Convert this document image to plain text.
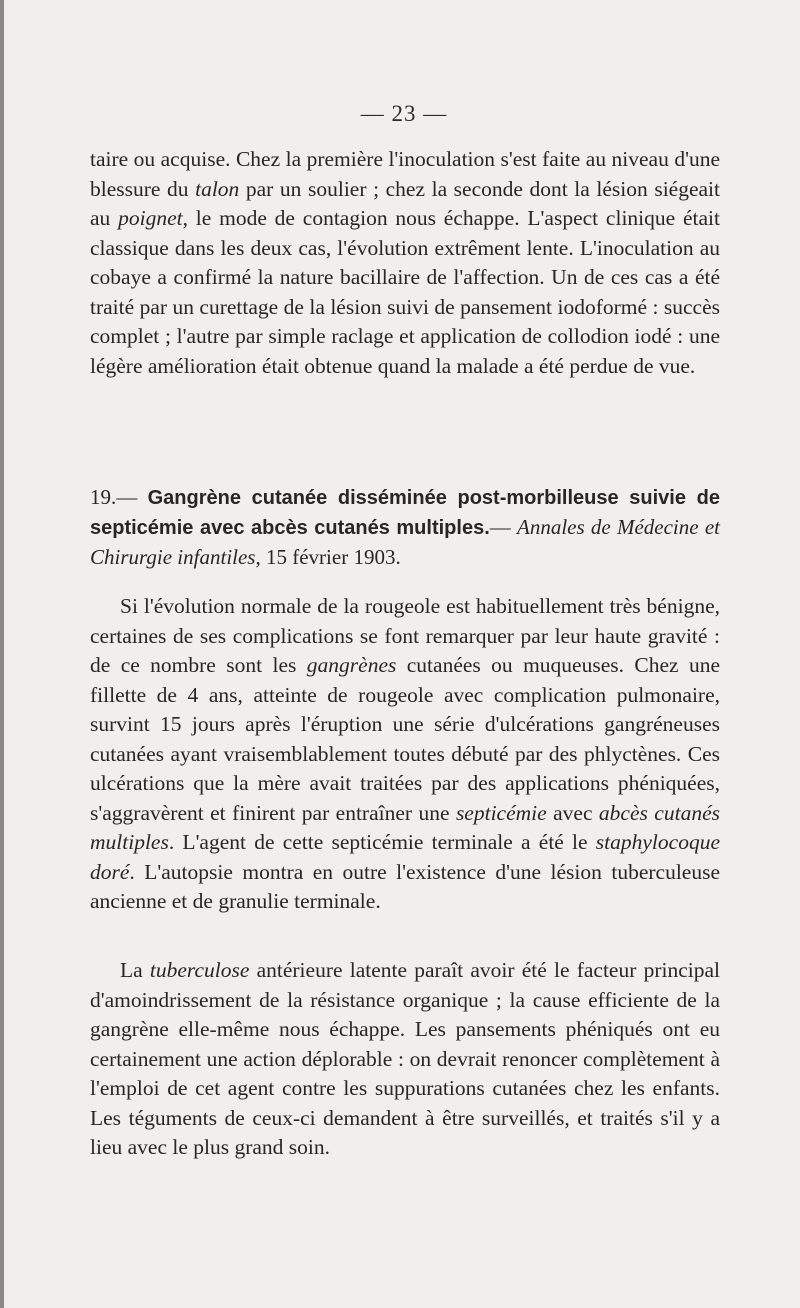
— 23 —

taire ou acquise. Chez la première l'inoculation s'est faite au niveau d'une blessure du talon par un soulier ; chez la seconde dont la lésion siégeait au poignet, le mode de contagion nous échappe. L'aspect clinique était classique dans les deux cas, l'évolution extrêment lente. L'inoculation au cobaye a confirmé la nature bacillaire de l'affection. Un de ces cas a été traité par un curettage de la lésion suivi de pansement iodoformé : succès complet ; l'autre par simple raclage et application de collodion iodé : une légère amélioration était obtenue quand la malade a été perdue de vue.

19.— Gangrène cutanée disséminée post-morbilleuse suivie de septicémie avec abcès cutanés multiples.— Annales de Médecine et Chirurgie infantiles, 15 février 1903.

Si l'évolution normale de la rougeole est habituellement très bénigne, certaines de ses complications se font remarquer par leur haute gravité : de ce nombre sont les gangrènes cutanées ou muqueuses. Chez une fillette de 4 ans, atteinte de rougeole avec complication pulmonaire, survint 15 jours après l'éruption une série d'ulcérations gangréneuses cutanées ayant vraisemblablement toutes débuté par des phlyctènes. Ces ulcérations que la mère avait traitées par des applications phéniquées, s'aggravèrent et finirent par entraîner une septicémie avec abcès cutanés multiples. L'agent de cette septicémie terminale a été le staphylocoque doré. L'autopsie montra en outre l'existence d'une lésion tuberculeuse ancienne et de granulie terminale.

La tuberculose antérieure latente paraît avoir été le facteur principal d'amoindrissement de la résistance organique ; la cause efficiente de la gangrène elle-même nous échappe. Les pansements phéniqués ont eu certainement une action déplorable : on devrait renoncer complètement à l'emploi de cet agent contre les suppurations cutanées chez les enfants. Les téguments de ceux-ci demandent à être surveillés, et traités s'il y a lieu avec le plus grand soin.
